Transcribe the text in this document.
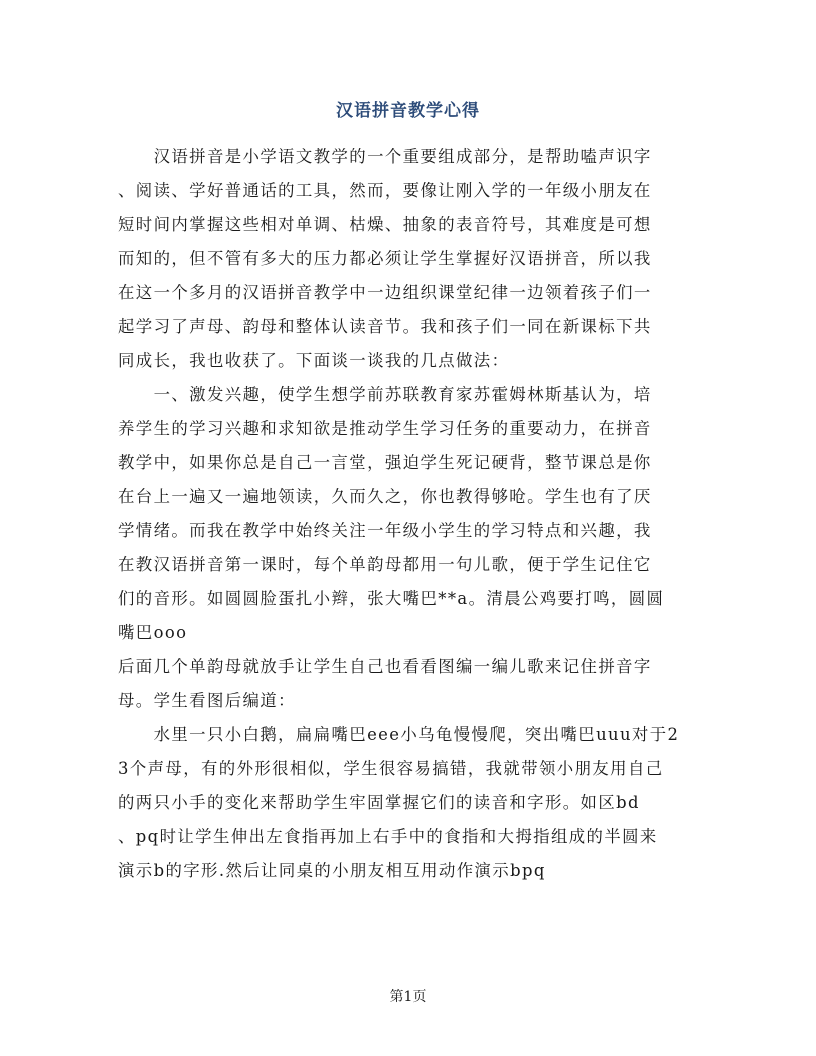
汉语拼音教学心得

　　汉语拼音是小学语文教学的一个重要组成部分，是帮助嗑声识字

、阅读、学好普通话的工具，然而，要像让刚入学的一年级小朋友在

短时间内掌握这些相对单调、枯燥、抽象的表音符号，其难度是可想

而知的，但不管有多大的压力都必须让学生掌握好汉语拼音，所以我

在这一个多月的汉语拼音教学中一边组织课堂纪律一边领着孩子们一

起学习了声母、韵母和整体认读音节。我和孩子们一同在新课标下共

同成长，我也收获了。下面谈一谈我的几点做法：

　　一、激发兴趣，使学生想学前苏联教育家苏霍姆林斯基认为，培

养学生的学习兴趣和求知欲是推动学生学习任务的重要动力，在拼音

教学中，如果你总是自己一言堂，强迫学生死记硬背，整节课总是你

在台上一遍又一遍地领读，久而久之，你也教得够呛。学生也有了厌

学情绪。而我在教学中始终关注一年级小学生的学习特点和兴趣，我

在教汉语拼音第一课时，每个单韵母都用一句儿歌，便于学生记住它

们的音形。如圆圆脸蛋扎小辫，张大嘴巴**a。清晨公鸡要打鸣，圆圆

嘴巴ooo

后面几个单韵母就放手让学生自己也看看图编一编儿歌来记住拼音字

母。学生看图后编道：

　　水里一只小白鹅，扁扁嘴巴eee小乌龟慢慢爬，突出嘴巴uuu对于2

3个声母，有的外形很相似，学生很容易搞错，我就带领小朋友用自己

的两只小手的变化来帮助学生牢固掌握它们的读音和字形。如区bd

、pq时让学生伸出左食指再加上右手中的食指和大拇指组成的半圆来

演示b的字形.然后让同桌的小朋友相互用动作演示bpq

第1页
